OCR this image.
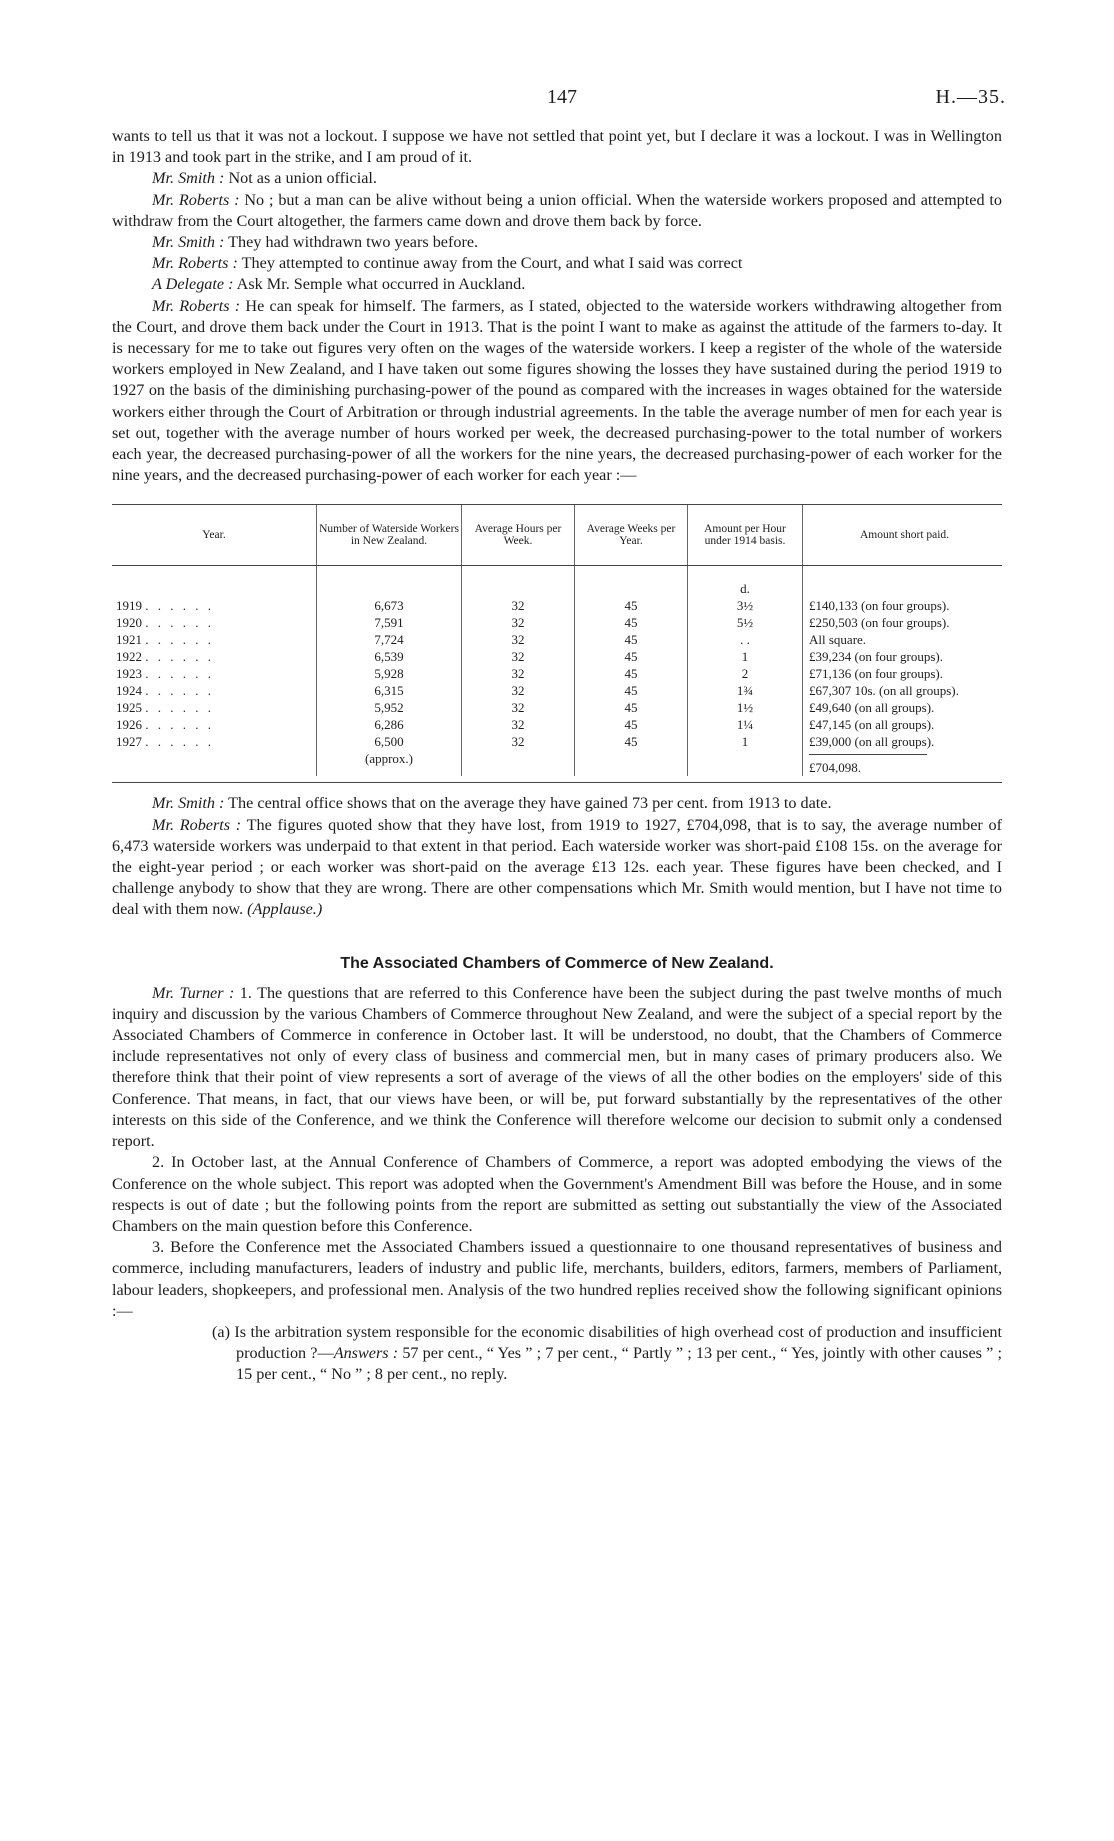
147	H.—35.

wants to tell us that it was not a lockout. I suppose we have not settled that point yet, but I declare it was a lockout. I was in Wellington in 1913 and took part in the strike, and I am proud of it.

Mr. Smith : Not as a union official.

Mr. Roberts : No ; but a man can be alive without being a union official. When the waterside workers proposed and attempted to withdraw from the Court altogether, the farmers came down and drove them back by force.

Mr. Smith : They had withdrawn two years before.

Mr. Roberts : They attempted to continue away from the Court, and what I said was correct

A Delegate : Ask Mr. Semple what occurred in Auckland.

Mr. Roberts : He can speak for himself. The farmers, as I stated, objected to the waterside workers withdrawing altogether from the Court, and drove them back under the Court in 1913. That is the point I want to make as against the attitude of the farmers to-day. It is necessary for me to take out figures very often on the wages of the waterside workers. I keep a register of the whole of the waterside workers employed in New Zealand, and I have taken out some figures showing the losses they have sustained during the period 1919 to 1927 on the basis of the diminishing purchasing-power of the pound as compared with the increases in wages obtained for the waterside workers either through the Court of Arbitration or through industrial agreements. In the table the average number of men for each year is set out, together with the average number of hours worked per week, the decreased purchasing-power to the total number of workers each year, the decreased purchasing-power of all the workers for the nine years, the decreased purchasing-power of each worker for the nine years, and the decreased purchasing-power of each worker for each year :—

Year.	Number of Waterside Workers in New Zealand.	Average Hours per Week.	Average Weeks per Year.	Amount per Hour under 1914 basis.	Amount short paid.
				d.	
1919 . . . . . .	6,673	32	45	3½	£140,133 (on four groups).
1920 . . . . . .	7,591	32	45	5½	£250,503 (on four groups).
1921 . . . . . .	7,724	32	45	. .	All square.
1922 . . . . . .	6,539	32	45	1	£39,234 (on four groups).
1923 . . . . . .	5,928	32	45	2	£71,136 (on four groups).
1924 . . . . . .	6,315	32	45	1¾	£67,307 10s. (on all groups).
1925 . . . . . .	5,952	32	45	1½	£49,640 (on all groups).
1926 . . . . . .	6,286	32	45	1¼	£47,145 (on all groups).
1927 . . . . . .	6,500	32	45	1	£39,000 (on all groups).
	(approx.)				£704,098.

Mr. Smith : The central office shows that on the average they have gained 73 per cent. from 1913 to date.

Mr. Roberts : The figures quoted show that they have lost, from 1919 to 1927, £704,098, that is to say, the average number of 6,473 waterside workers was underpaid to that extent in that period. Each waterside worker was short-paid £108 15s. on the average for the eight-year period ; or each worker was short-paid on the average £13 12s. each year. These figures have been checked, and I challenge anybody to show that they are wrong. There are other compensations which Mr. Smith would mention, but I have not time to deal with them now. (Applause.)

The Associated Chambers of Commerce of New Zealand.

Mr. Turner : 1. The questions that are referred to this Conference have been the subject during the past twelve months of much inquiry and discussion by the various Chambers of Commerce throughout New Zealand, and were the subject of a special report by the Associated Chambers of Commerce in conference in October last. It will be understood, no doubt, that the Chambers of Commerce include representatives not only of every class of business and commercial men, but in many cases of primary producers also. We therefore think that their point of view represents a sort of average of the views of all the other bodies on the employers' side of this Conference. That means, in fact, that our views have been, or will be, put forward substantially by the representatives of the other interests on this side of the Conference, and we think the Conference will therefore welcome our decision to submit only a condensed report.

2. In October last, at the Annual Conference of Chambers of Commerce, a report was adopted embodying the views of the Conference on the whole subject. This report was adopted when the Government's Amendment Bill was before the House, and in some respects is out of date ; but the following points from the report are submitted as setting out substantially the view of the Associated Chambers on the main question before this Conference.

3. Before the Conference met the Associated Chambers issued a questionnaire to one thousand representatives of business and commerce, including manufacturers, leaders of industry and public life, merchants, builders, editors, farmers, members of Parliament, labour leaders, shopkeepers, and professional men. Analysis of the two hundred replies received show the following significant opinions :—

(a) Is the arbitration system responsible for the economic disabilities of high overhead cost of production and insufficient production ?—Answers : 57 per cent., “ Yes ” ; 7 per cent., “ Partly ” ; 13 per cent., “ Yes, jointly with other causes ” ; 15 per cent., “ No ” ; 8 per cent., no reply.
